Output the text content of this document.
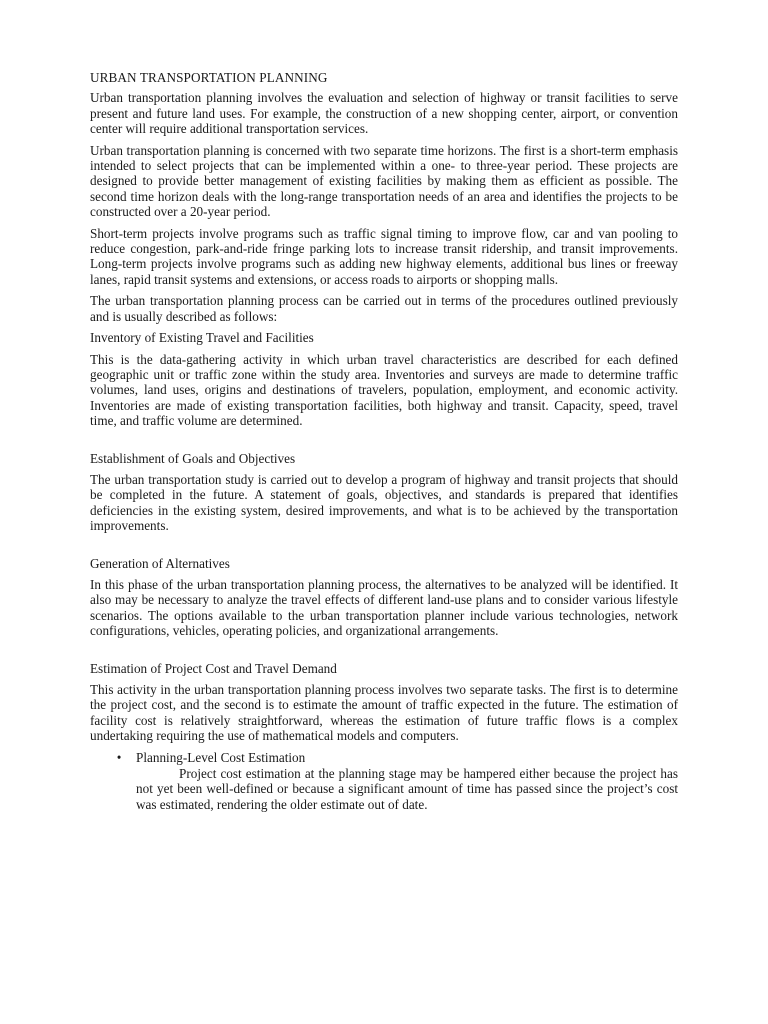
URBAN TRANSPORTATION PLANNING

Urban transportation planning involves the evaluation and selection of highway or transit facilities to serve present and future land uses. For example, the construction of a new shopping center, airport, or convention center will require additional transportation services.

Urban transportation planning is concerned with two separate time horizons. The first is a short-term emphasis intended to select projects that can be implemented within a one- to three-year period. These projects are designed to provide better management of existing facilities by making them as efficient as possible. The second time horizon deals with the long-range transportation needs of an area and identifies the projects to be constructed over a 20-year period.

Short-term projects involve programs such as traffic signal timing to improve flow, car and van pooling to reduce congestion, park-and-ride fringe parking lots to increase transit ridership, and transit improvements. Long-term projects involve programs such as adding new highway elements, additional bus lines or freeway lanes, rapid transit systems and extensions, or access roads to airports or shopping malls.

The urban transportation planning process can be carried out in terms of the procedures outlined previously and is usually described as follows:

Inventory of Existing Travel and Facilities

This is the data-gathering activity in which urban travel characteristics are described for each defined geographic unit or traffic zone within the study area. Inventories and surveys are made to determine traffic volumes, land uses, origins and destinations of travelers, population, employment, and economic activity. Inventories are made of existing transportation facilities, both highway and transit. Capacity, speed, travel time, and traffic volume are determined.

Establishment of Goals and Objectives

The urban transportation study is carried out to develop a program of highway and transit projects that should be completed in the future. A statement of goals, objectives, and standards is prepared that identifies deficiencies in the existing system, desired improvements, and what is to be achieved by the transportation improvements.

Generation of Alternatives

In this phase of the urban transportation planning process, the alternatives to be analyzed will be identified. It also may be necessary to analyze the travel effects of different land-use plans and to consider various lifestyle scenarios. The options available to the urban transportation planner include various technologies, network configurations, vehicles, operating policies, and organizational arrangements.

Estimation of Project Cost and Travel Demand

This activity in the urban transportation planning process involves two separate tasks. The first is to determine the project cost, and the second is to estimate the amount of traffic expected in the future. The estimation of facility cost is relatively straightforward, whereas the estimation of future traffic flows is a complex undertaking requiring the use of mathematical models and computers.

•	Planning-Level Cost Estimation
Project cost estimation at the planning stage may be hampered either because the project has not yet been well-defined or because a significant amount of time has passed since the project’s cost was estimated, rendering the older estimate out of date.
